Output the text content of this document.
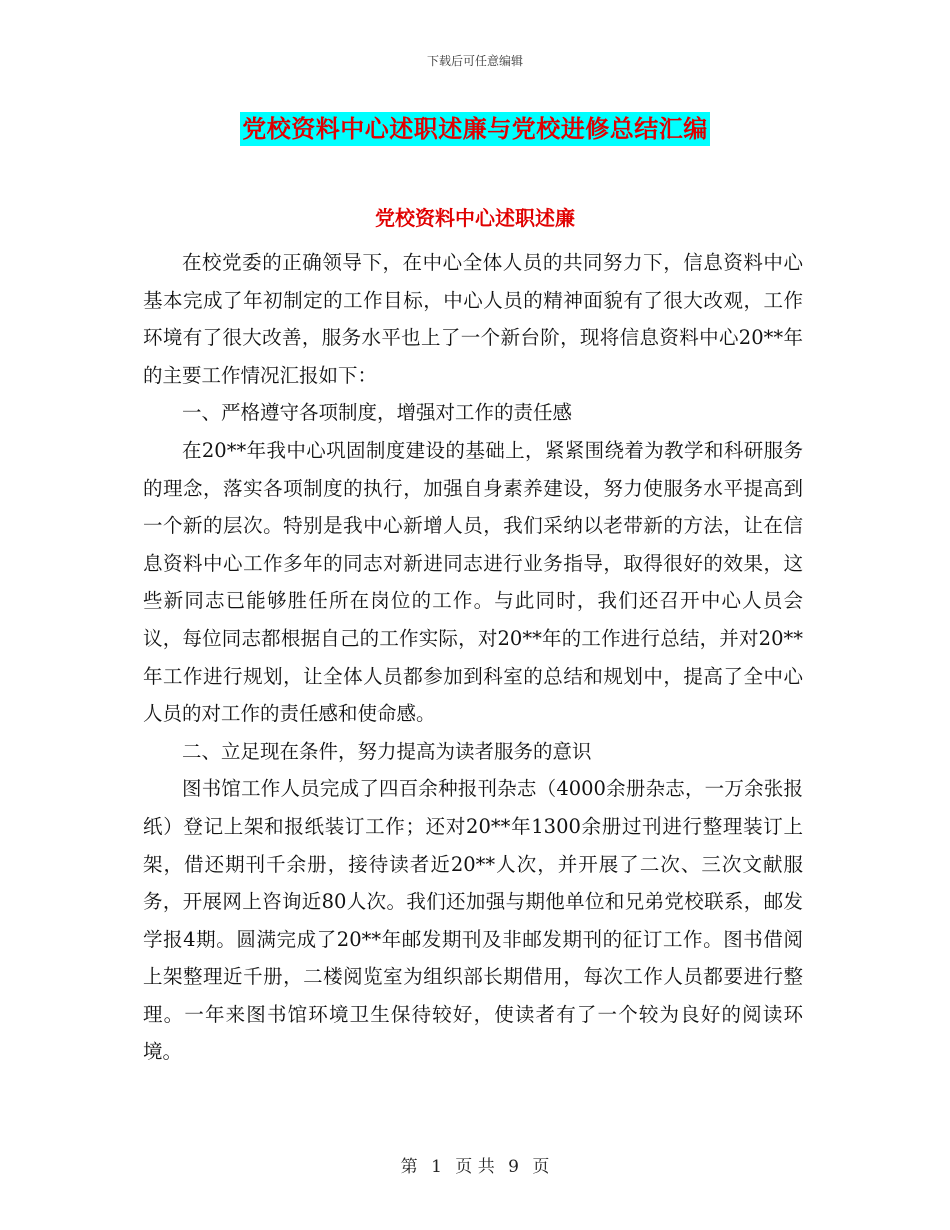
下载后可任意编辑
党校资料中心述职述廉与党校进修总结汇编
党校资料中心述职述廉

在校党委的正确领导下，在中心全体人员的共同努力下，信息资料中心基本完成了年初制定的工作目标，中心人员的精神面貌有了很大改观，工作环境有了很大改善，服务水平也上了一个新台阶，现将信息资料中心20**年的主要工作情况汇报如下：

一、严格遵守各项制度，增强对工作的责任感

在20**年我中心巩固制度建设的基础上，紧紧围绕着为教学和科研服务的理念，落实各项制度的执行，加强自身素养建设，努力使服务水平提高到一个新的层次。特别是我中心新增人员，我们采纳以老带新的方法，让在信息资料中心工作多年的同志对新进同志进行业务指导，取得很好的效果，这些新同志已能够胜任所在岗位的工作。与此同时，我们还召开中心人员会议，每位同志都根据自己的工作实际，对20**年的工作进行总结，并对20**年工作进行规划，让全体人员都参加到科室的总结和规划中，提高了全中心人员的对工作的责任感和使命感。

二、立足现在条件，努力提高为读者服务的意识

图书馆工作人员完成了四百余种报刊杂志（4000余册杂志，一万余张报纸）登记上架和报纸装订工作；还对20**年1300余册过刊进行整理装订上架，借还期刊千余册，接待读者近20**人次，并开展了二次、三次文献服务，开展网上咨询近80人次。我们还加强与期他单位和兄弟党校联系，邮发学报4期。圆满完成了20**年邮发期刊及非邮发期刊的征订工作。图书借阅上架整理近千册，二楼阅览室为组织部长期借用，每次工作人员都要进行整理。一年来图书馆环境卫生保待较好，使读者有了一个较为良好的阅读环境。

第 1 页 共 9 页
